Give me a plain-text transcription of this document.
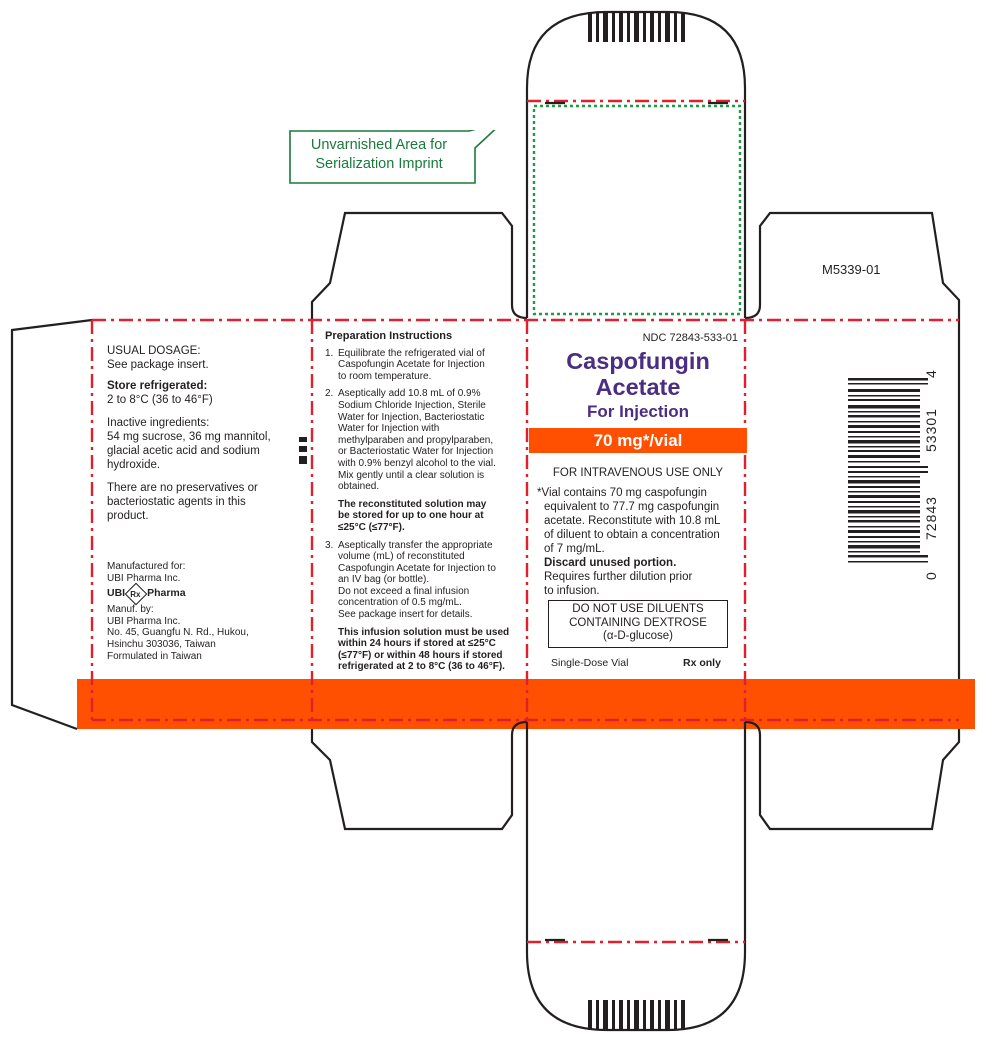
Unvarnished Area for
Serialization Imprint
M5339-01
USUAL DOSAGE:
See package insert.
Store refrigerated:
2 to 8°C (36 to 46°F)
Inactive ingredients:
54 mg sucrose, 36 mg mannitol,
glacial acetic acid and sodium
hydroxide.
There are no preservatives or
bacteriostatic agents in this
product.
Manufactured for:
UBI Pharma Inc.
UBI Rx Pharma
Manuf. by:
UBI Pharma Inc.
No. 45, Guangfu N. Rd., Hukou,
Hsinchu 303036, Taiwan
Formulated in Taiwan
Preparation Instructions
1. Equilibrate the refrigerated vial of
Caspofungin Acetate for Injection
to room temperature.
2. Aseptically add 10.8 mL of 0.9%
Sodium Chloride Injection, Sterile
Water for Injection, Bacteriostatic
Water for Injection with
methylparaben and propylparaben,
or Bacteriostatic Water for Injection
with 0.9% benzyl alcohol to the vial.
Mix gently until a clear solution is
obtained.
The reconstituted solution may
be stored for up to one hour at
≤25°C (≤77°F).
3. Aseptically transfer the appropriate
volume (mL) of reconstituted
Caspofungin Acetate for Injection to
an IV bag (or bottle).
Do not exceed a final infusion
concentration of 0.5 mg/mL.
See package insert for details.
This infusion solution must be used
within 24 hours if stored at ≤25°C
(≤77°F) or within 48 hours if stored
refrigerated at 2 to 8°C (36 to 46°F).
NDC 72843-533-01
Caspofungin
Acetate
For Injection
70 mg*/vial
FOR INTRAVENOUS USE ONLY
*Vial contains 70 mg caspofungin
equivalent to 77.7 mg caspofungin
acetate. Reconstitute with 10.8 mL
of diluent to obtain a concentration
of 7 mg/mL.
Discard unused portion.
Requires further dilution prior
to infusion.
DO NOT USE DILUENTS
CONTAINING DEXTROSE
(α-D-glucose)
Single-Dose Vial	Rx only
0
72843
53301
4
